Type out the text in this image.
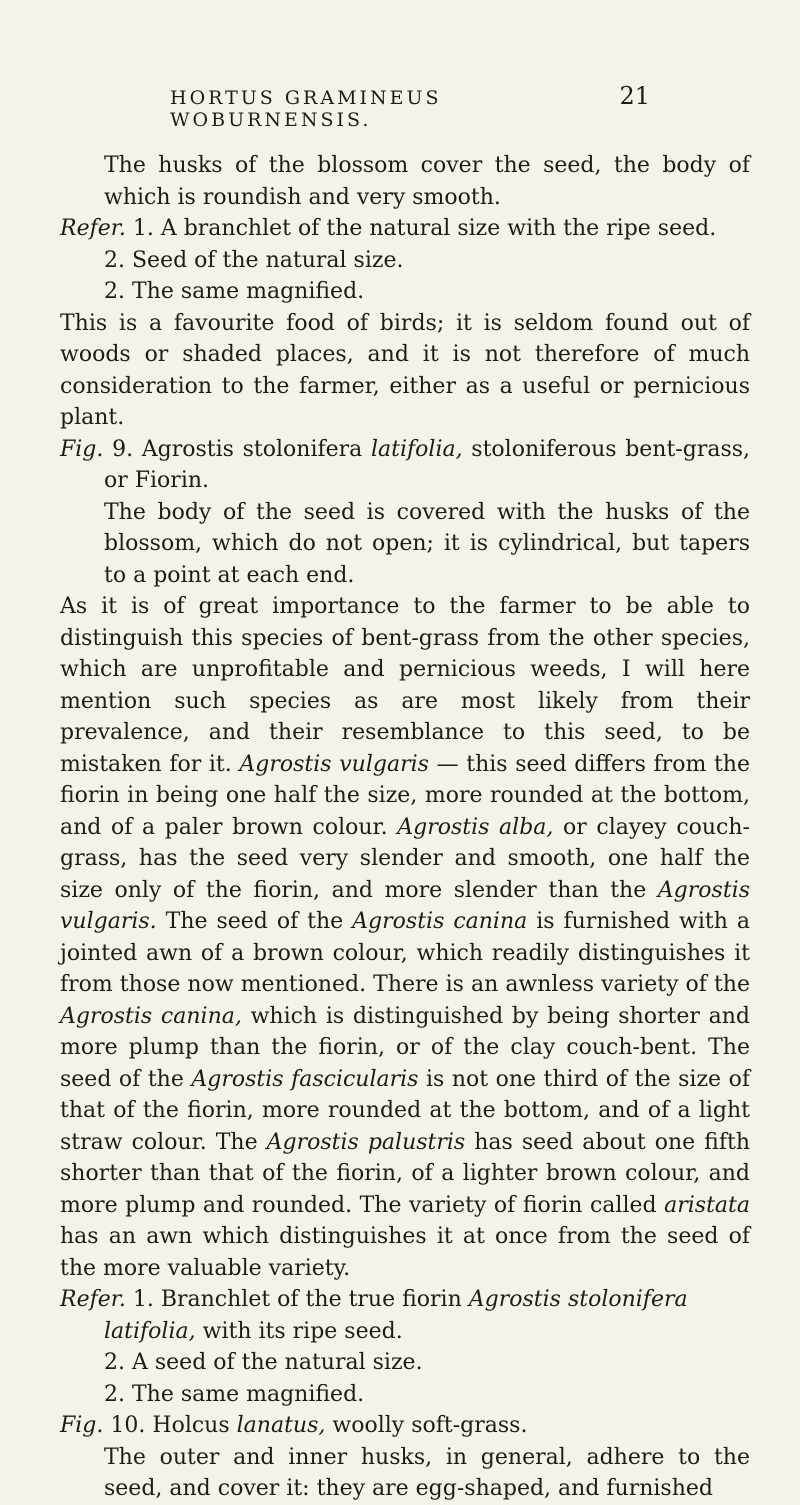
HORTUS GRAMINEUS WOBURNENSIS.
21

The husks of the blossom cover the seed, the body of which is roundish and very smooth.

Refer. 1. A branchlet of the natural size with the ripe seed.

2. Seed of the natural size.

2. The same magnified.

This is a favourite food of birds; it is seldom found out of woods or shaded places, and it is not therefore of much consideration to the farmer, either as a useful or pernicious plant.

Fig. 9. Agrostis stolonifera latifolia, stoloniferous bent-grass, or Fiorin.

The body of the seed is covered with the husks of the blossom, which do not open; it is cylindrical, but tapers to a point at each end.

As it is of great importance to the farmer to be able to distinguish this species of bent-grass from the other species, which are unprofitable and pernicious weeds, I will here mention such species as are most likely from their prevalence, and their resemblance to this seed, to be mistaken for it. Agrostis vulgaris — this seed differs from the fiorin in being one half the size, more rounded at the bottom, and of a paler brown colour. Agrostis alba, or clayey couch-grass, has the seed very slender and smooth, one half the size only of the fiorin, and more slender than the Agrostis vulgaris. The seed of the Agrostis canina is furnished with a jointed awn of a brown colour, which readily distinguishes it from those now mentioned. There is an awnless variety of the Agrostis canina, which is distinguished by being shorter and more plump than the fiorin, or of the clay couch-bent. The seed of the Agrostis fascicularis is not one third of the size of that of the fiorin, more rounded at the bottom, and of a light straw colour. The Agrostis palustris has seed about one fifth shorter than that of the fiorin, of a lighter brown colour, and more plump and rounded. The variety of fiorin called aristata has an awn which distinguishes it at once from the seed of the more valuable variety.

Refer. 1. Branchlet of the true fiorin Agrostis stolonifera latifolia, with its ripe seed.

2. A seed of the natural size.

2. The same magnified.

Fig. 10. Holcus lanatus, woolly soft-grass.

The outer and inner husks, in general, adhere to the seed, and cover it: they are egg-shaped, and furnished
